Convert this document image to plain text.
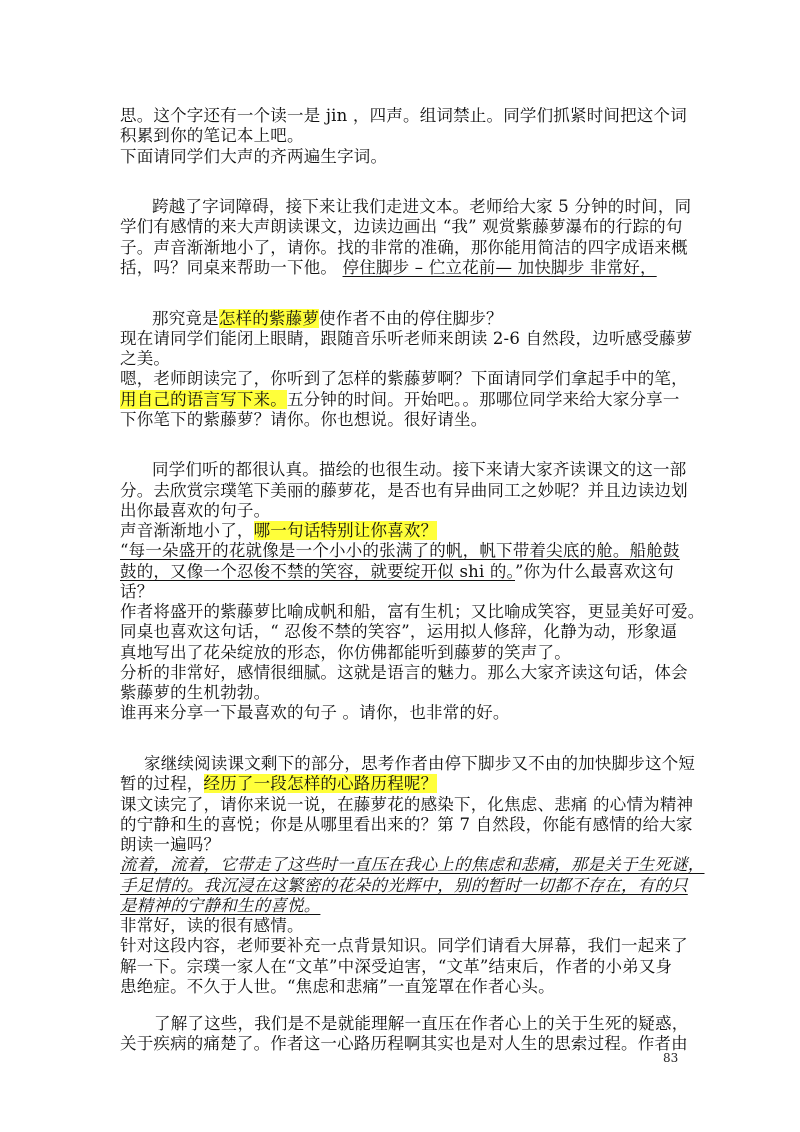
思。这个字还有一个读一是 jin ，四声。组词禁止。同学们抓紧时间把这个词
积累到你的笔记本上吧。
下面请同学们大声的齐两遍生字词。
跨越了字词障碍，接下来让我们走进文本。老师给大家 5 分钟的时间，同
学们有感情的来大声朗读课文，边读边画出 “我” 观赏紫藤萝瀑布的行踪的句
子。声音渐渐地小了，请你。找的非常的准确，那你能用简洁的四字成语来概
括，吗？同桌来帮助一下他。 停住脚步 – 伫立花前— 加快脚步 非常好，
那究竟是怎样的紫藤萝使作者不由的停住脚步？
现在请同学们能闭上眼睛，跟随音乐听老师来朗读 2-6 自然段，边听感受藤萝
之美。
嗯，老师朗读完了，你听到了怎样的紫藤萝啊？下面请同学们拿起手中的笔，
用自己的语言写下来。五分钟的时间。开始吧。。那哪位同学来给大家分享一
下你笔下的紫藤萝？请你。你也想说。很好请坐。
同学们听的都很认真。描绘的也很生动。接下来请大家齐读课文的这一部
分。去欣赏宗璞笔下美丽的藤萝花，是否也有异曲同工之妙呢？并且边读边划
出你最喜欢的句子。
声音渐渐地小了，哪一句话特别让你喜欢？
“每一朵盛开的花就像是一个小小的张满了的帆，帆下带着尖底的舱。船舱鼓
鼓的，又像一个忍俊不禁的笑容，就要绽开似 shi 的。”你为什么最喜欢这句
话？
作者将盛开的紫藤萝比喻成帆和船，富有生机；又比喻成笑容，更显美好可爱。
同桌也喜欢这句话，“ 忍俊不禁的笑容”，运用拟人修辞，化静为动，形象逼
真地写出了花朵绽放的形态，你仿佛都能听到藤萝的笑声了。
分析的非常好，感情很细腻。这就是语言的魅力。那么大家齐读这句话，体会
紫藤萝的生机勃勃。
谁再来分享一下最喜欢的句子 。请你，也非常的好。
家继续阅读课文剩下的部分，思考作者由停下脚步又不由的加快脚步这个短
暂的过程，经历了一段怎样的心路历程呢？
课文读完了，请你来说一说，在藤萝花的感染下，化焦虑、悲痛 的心情为精神
的宁静和生的喜悦；你是从哪里看出来的？第 7 自然段，你能有感情的给大家
朗读一遍吗？
流着，流着，它带走了这些时一直压在我心上的焦虑和悲痛，那是关于生死谜，
手足情的。我沉浸在这繁密的花朵的光辉中，别的暂时一切都不存在，有的只
是精神的宁静和生的喜悦。
非常好，读的很有感情。
针对这段内容，老师要补充一点背景知识。同学们请看大屏幕，我们一起来了
解一下。宗璞一家人在“文革”中深受迫害，“文革”结束后，作者的小弟又身
患绝症。不久于人世。“焦虑和悲痛”一直笼罩在作者心头。
了解了这些，我们是不是就能理解一直压在作者心上的关于生死的疑惑，
关于疾病的痛楚了。作者这一心路历程啊其实也是对人生的思索过程。作者由
83
